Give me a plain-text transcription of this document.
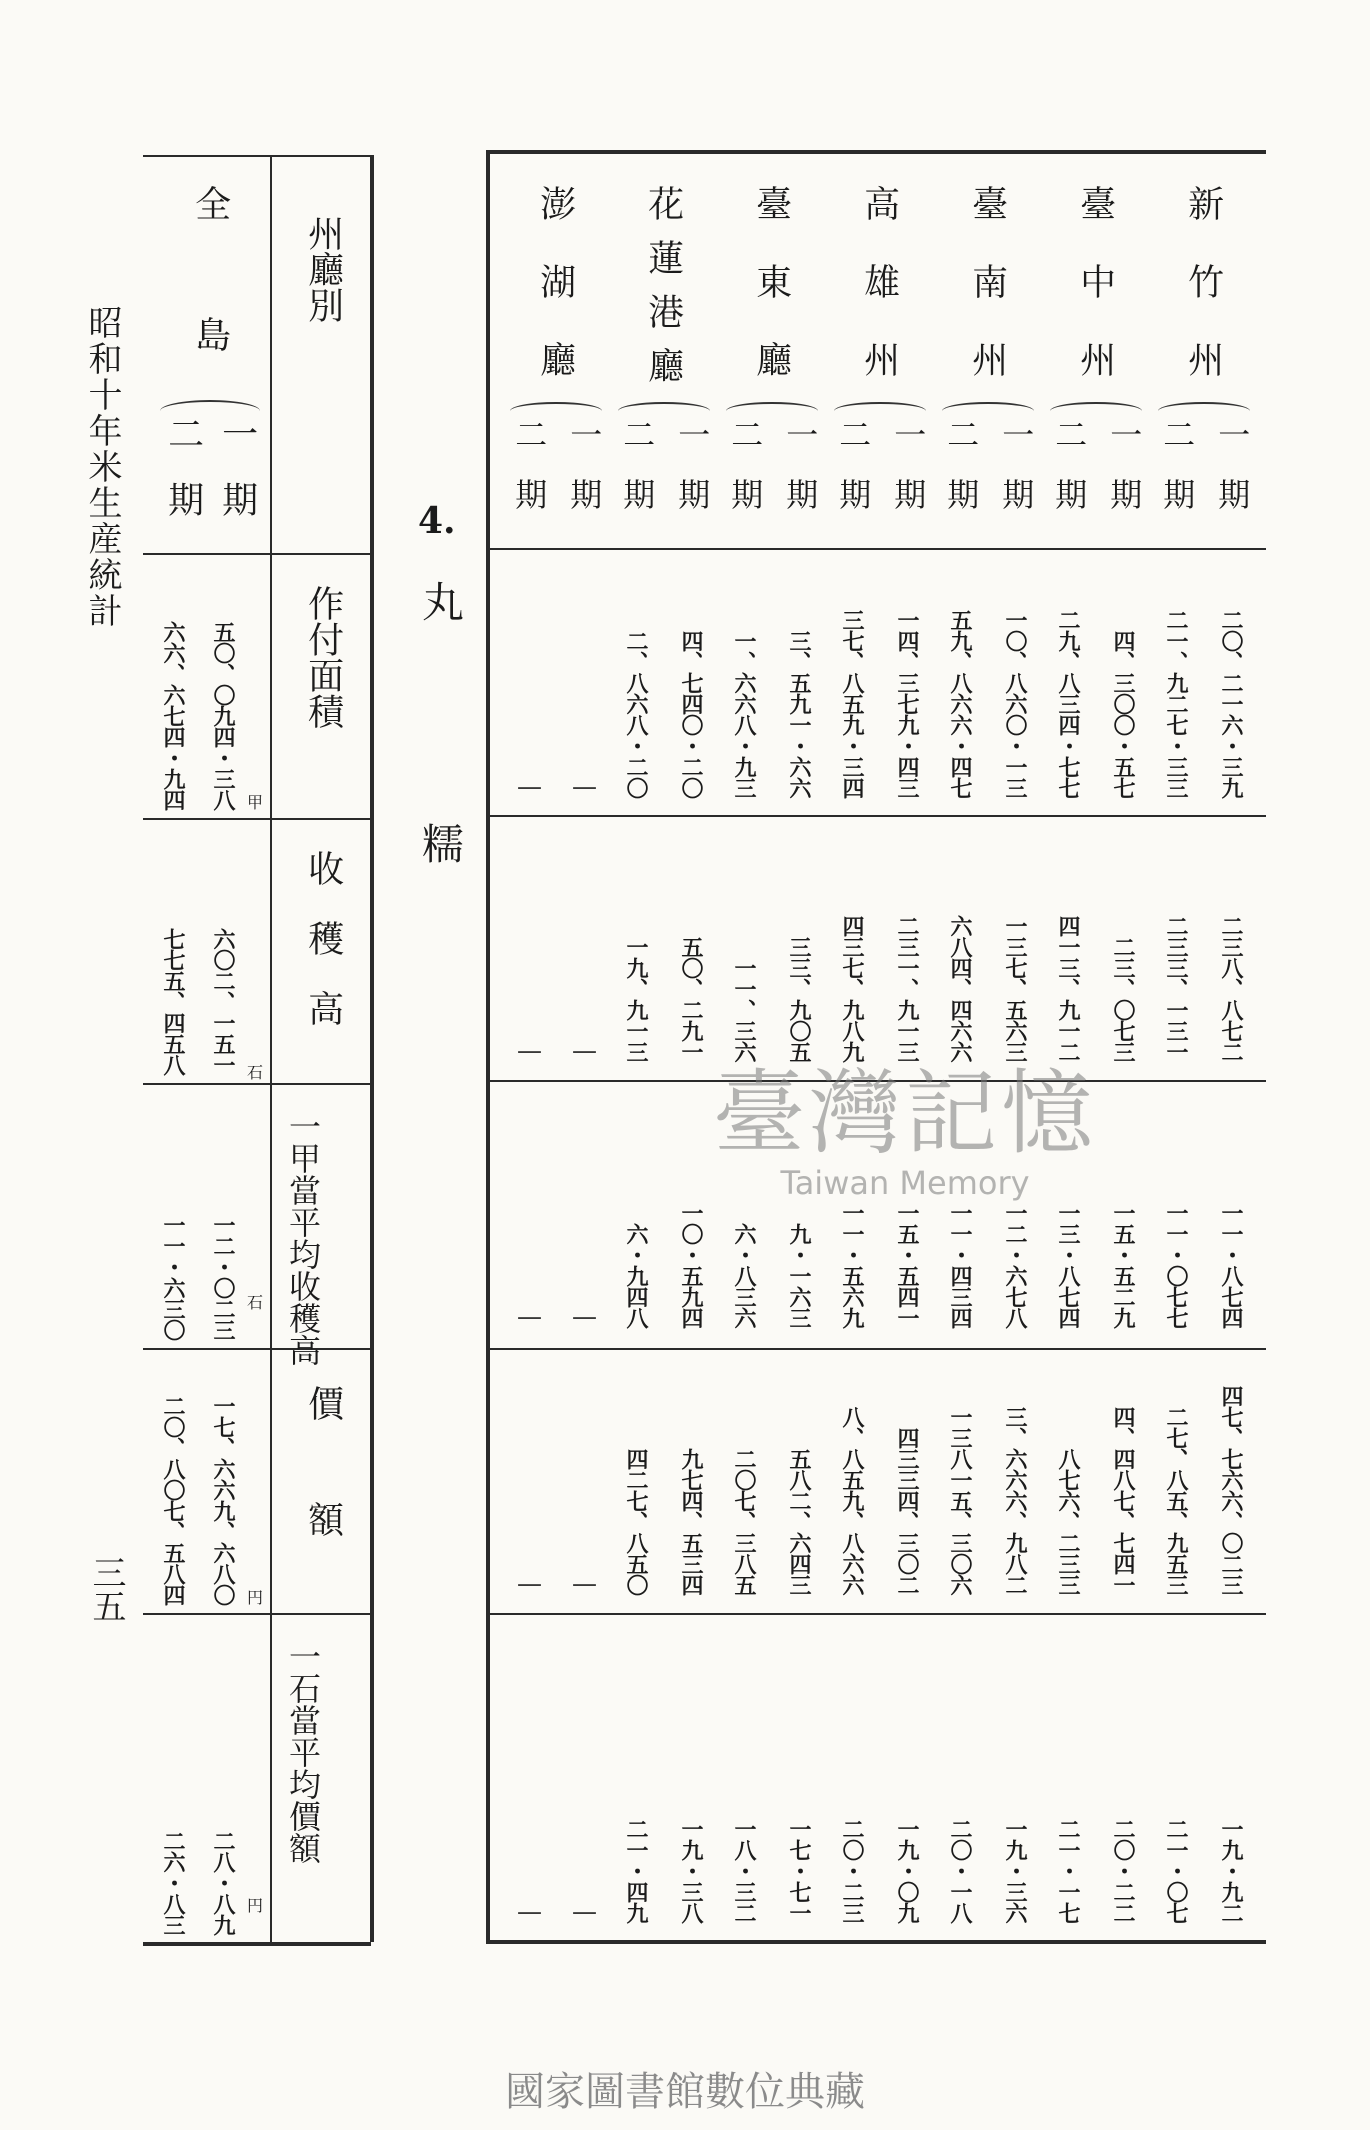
昭和十年米生産統計
三五
州廳別
作付面積
收穫高
一甲當平均收穫高
價額
一石當平均價額
全島
一期
二期
甲
石
石
円
円
五〇、〇九四・三八
六六、六七四・九四
六〇二、一五一
七七五、四五八
一二・〇二三
一一・六三〇
一七、六六九、六八〇
二〇、八〇七、五八四
二八・八九
二六・八三
4.
丸糯
新竹州
一期
二〇、二一六・三九
二三八、八七二
一一・八七四
四七、七六六、〇二三
一九・九二
二期
二一、九二七・三三
二三三、一三一
一一・〇七七
二七、八五、九五三
二一・〇七
臺中州
一期
四、三〇〇・五七
二三、〇七三
一五・五二九
四、四八七、七四一
二〇・二二
二期
二九、八三四・七七
四一三、九一二
一三・八七四
八七六、二三三
二一・一七
臺南州
一期
一〇、八六〇・一三
一三七、五六三
一二・六七八
三、六六六、九八二
一九・三六
二期
五九、八六六・四七
六八四、四六六
一一・四三四
一三八一五、三〇六
二〇・一八
高雄州
一期
一四、三七九・四三
二三一、九一三
一五・五四一
四三三四、三〇二
一九・〇九
二期
三七、八五九・三四
四三七、九八九
一一・五六九
八、八五九、八六六
二〇・二三
臺東廳
一期
三、五九一・六六
三三、九〇五
九・一六三
五八二、六四三
一七・七一
二期
一、六六八・九三
一一、三六
六・八三六
二〇七、三八五
一八・三二
花蓮港廳
一期
四、七四〇・二〇
五〇、二九一
一〇・五九四
九七四、五三四
一九・三八
二期
二、八六八・二〇
一九、九一三
六・九四八
四二七、八五〇
二一・四九
澎湖廳
一期
｜
｜
｜
｜
｜
二期
｜
｜
｜
｜
｜
臺灣記憶
Taiwan Memory
國家圖書館數位典藏
